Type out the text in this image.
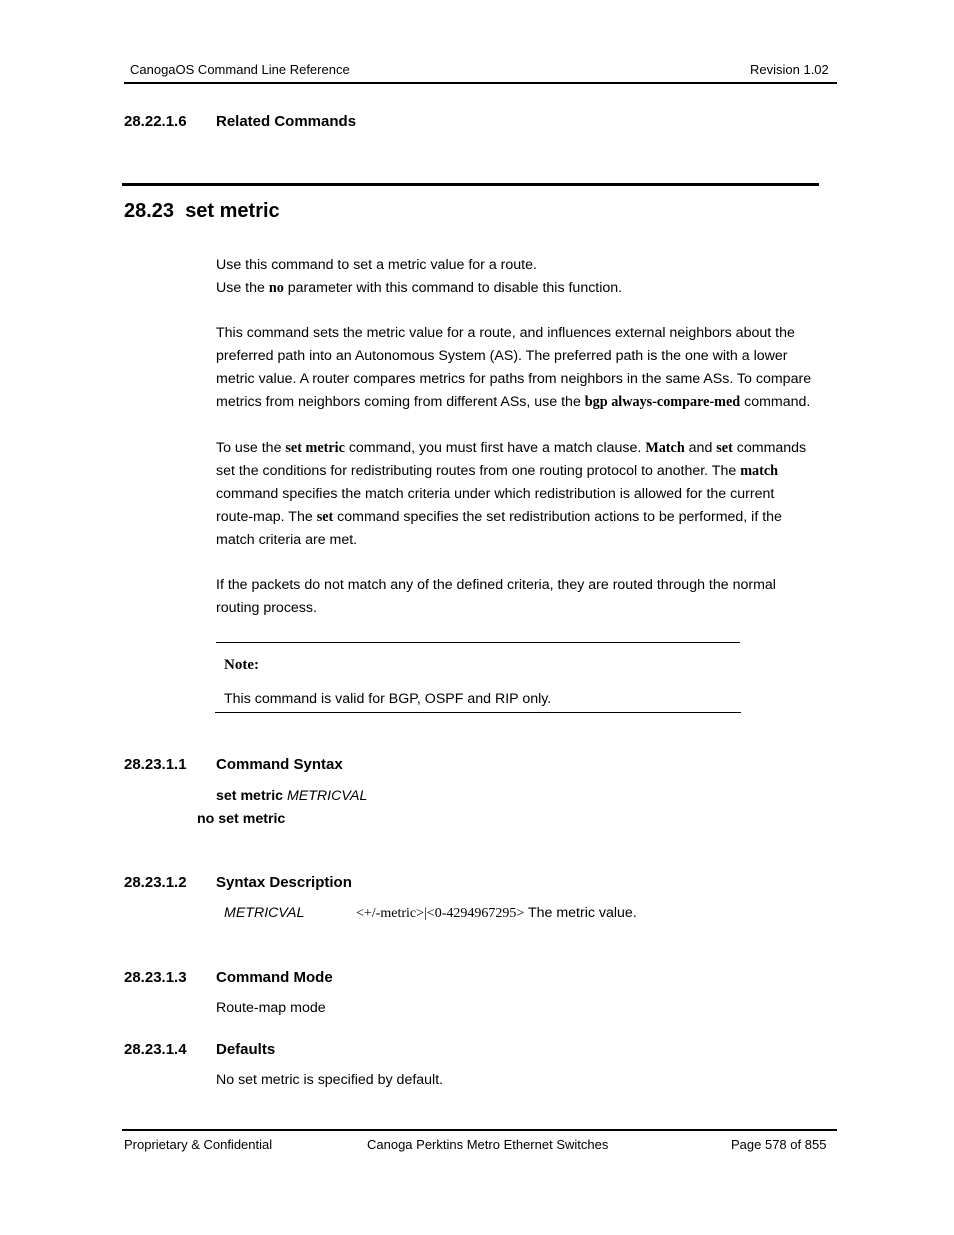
CanogaOS Command Line Reference	Revision 1.02
28.22.1.6 Related Commands
28.23 set metric

Use this command to set a metric value for a route.

Use the no parameter with this command to disable this function.

This command sets the metric value for a route, and influences external neighbors about the

preferred path into an Autonomous System (AS). The preferred path is the one with a lower

metric value. A router compares metrics for paths from neighbors in the same ASs. To compare

metrics from neighbors coming from different ASs, use the bgp always-compare-med command.

To use the set metric command, you must first have a match clause. Match and set commands

set the conditions for redistributing routes from one routing protocol to another. The match

command specifies the match criteria under which redistribution is allowed for the current

route-map. The set command specifies the set redistribution actions to be performed, if the

match criteria are met.

If the packets do not match any of the defined criteria, they are routed through the normal

routing process.

Note:
This command is valid for BGP, OSPF and RIP only.
28.23.1.1 Command Syntax
set metric METRICVAL
no set metric
28.23.1.2 Syntax Description
METRICVAL	<+/-metric>|<0-4294967295> The metric value.
28.23.1.3 Command Mode
Route-map mode
28.23.1.4 Defaults
No set metric is specified by default.
Proprietary & Confidential	Canoga Perktins Metro Ethernet Switches	Page 578 of 855
